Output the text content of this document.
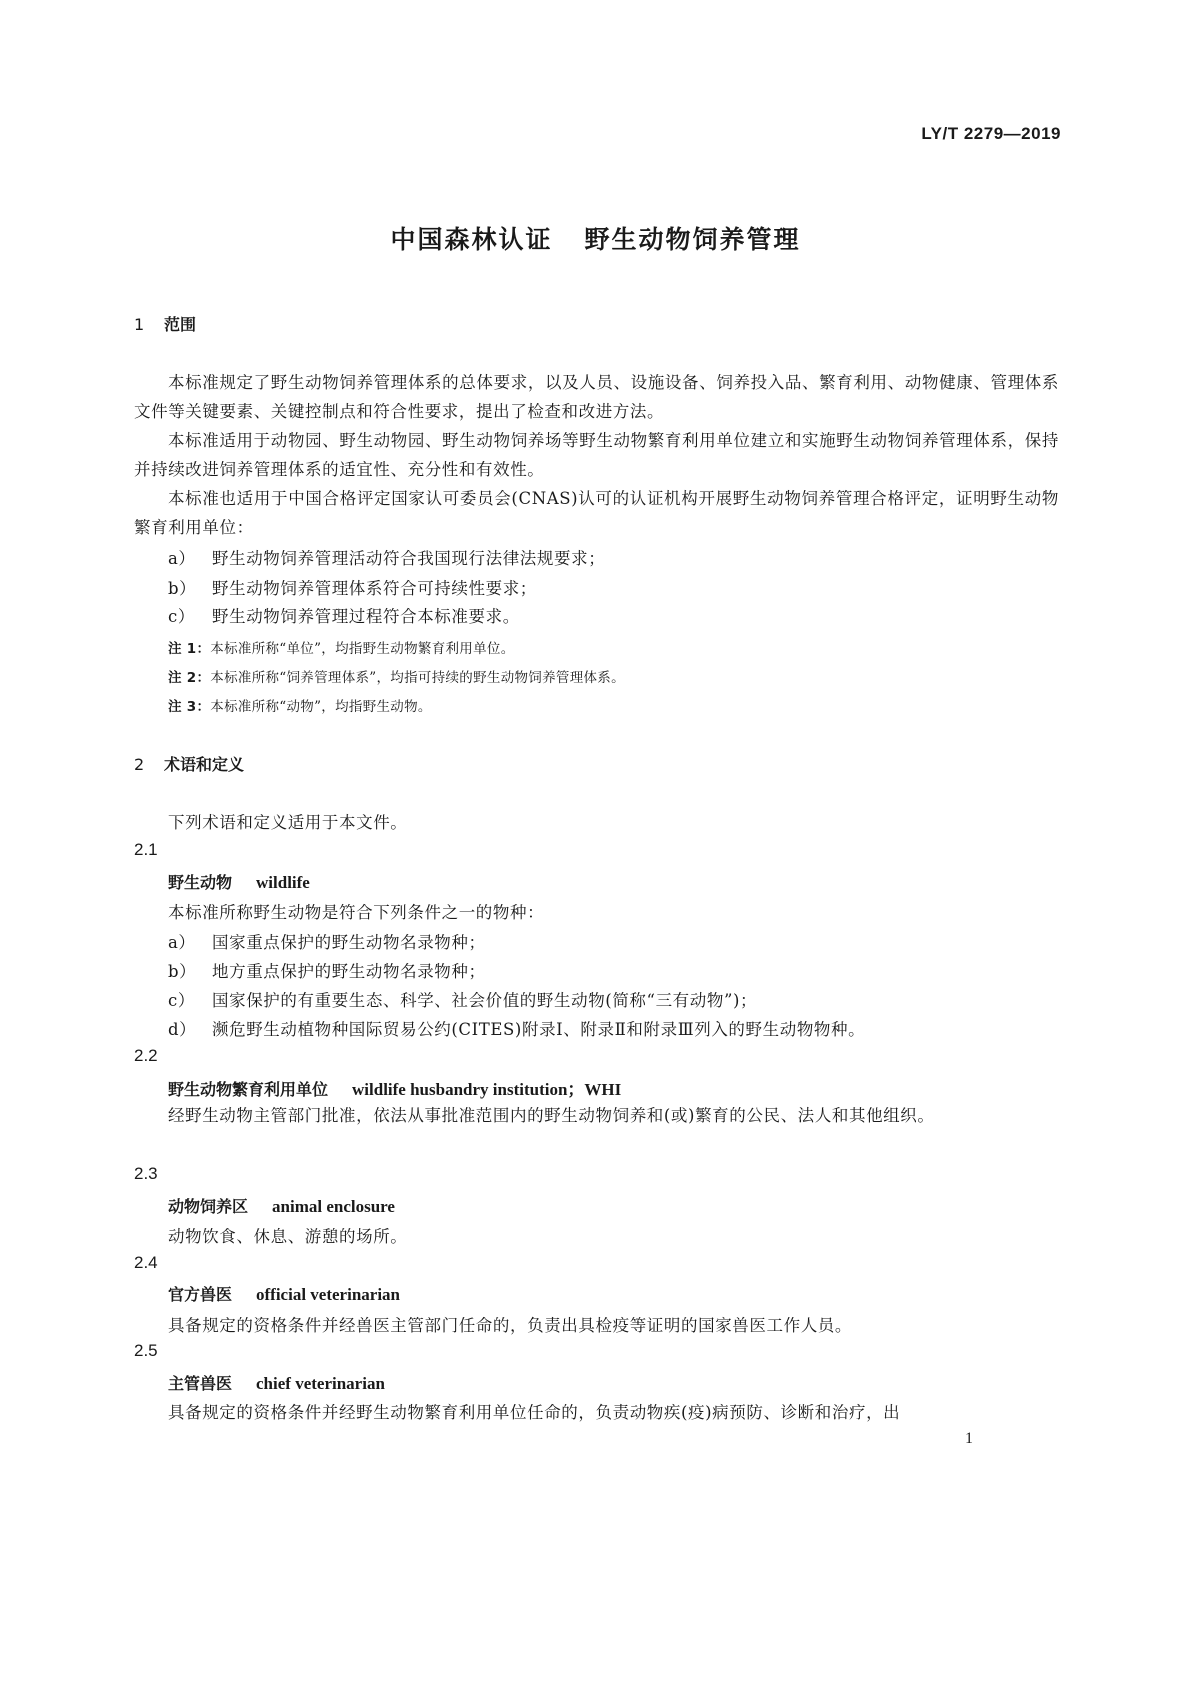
LY/T 2279—2019
中国森林认证 野生动物饲养管理
1 范围
本标准规定了野生动物饲养管理体系的总体要求，以及人员、设施设备、饲养投入品、繁育利用、动物健康、管理体系文件等关键要素、关键控制点和符合性要求，提出了检查和改进方法。
本标准适用于动物园、野生动物园、野生动物饲养场等野生动物繁育利用单位建立和实施野生动物饲养管理体系，保持并持续改进饲养管理体系的适宜性、充分性和有效性。
本标准也适用于中国合格评定国家认可委员会(CNAS)认可的认证机构开展野生动物饲养管理合格评定，证明野生动物繁育利用单位：
a） 野生动物饲养管理活动符合我国现行法律法规要求；
b） 野生动物饲养管理体系符合可持续性要求；
c） 野生动物饲养管理过程符合本标准要求。
注 1：本标准所称“单位”，均指野生动物繁育利用单位。
注 2：本标准所称“饲养管理体系”，均指可持续的野生动物饲养管理体系。
注 3：本标准所称“动物”，均指野生动物。
2 术语和定义
下列术语和定义适用于本文件。
2.1
野生动物 wildlife
本标准所称野生动物是符合下列条件之一的物种：
a） 国家重点保护的野生动物名录物种；
b） 地方重点保护的野生动物名录物种；
c） 国家保护的有重要生态、科学、社会价值的野生动物(简称“三有动物”)；
d） 濒危野生动植物种国际贸易公约(CITES)附录Ⅰ、附录Ⅱ和附录Ⅲ列入的野生动物物种。
2.2
野生动物繁育利用单位 wildlife husbandry institution；WHI
经野生动物主管部门批准，依法从事批准范围内的野生动物饲养和(或)繁育的公民、法人和其他组织。
2.3
动物饲养区 animal enclosure
动物饮食、休息、游憩的场所。
2.4
官方兽医 official veterinarian
具备规定的资格条件并经兽医主管部门任命的，负责出具检疫等证明的国家兽医工作人员。
2.5
主管兽医 chief veterinarian
具备规定的资格条件并经野生动物繁育利用单位任命的，负责动物疾(疫)病预防、诊断和治疗，出
1
